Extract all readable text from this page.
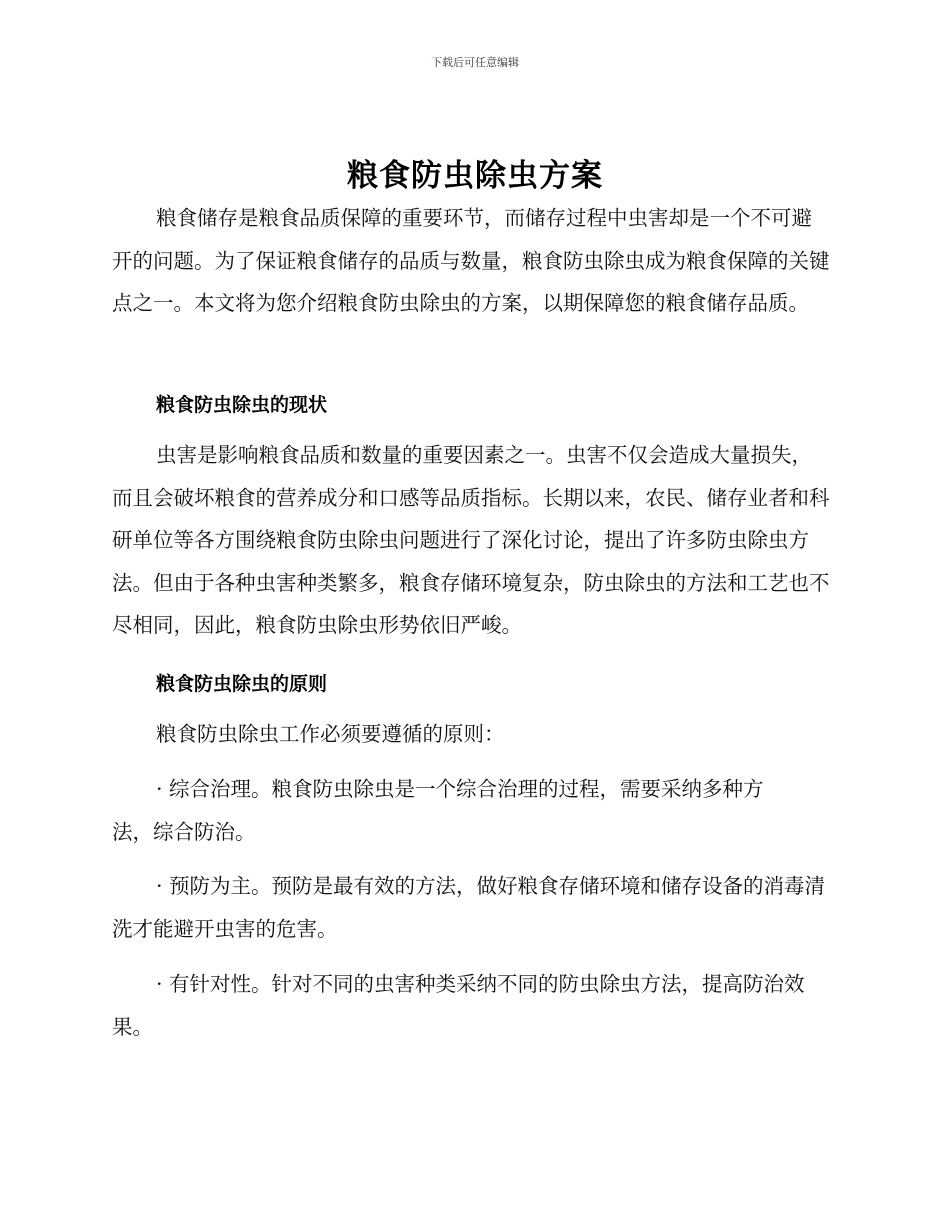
下载后可任意编辑
粮食防虫除虫方案

粮食储存是粮食品质保障的重要环节，而储存过程中虫害却是一个不可避开的问题。为了保证粮食储存的品质与数量，粮食防虫除虫成为粮食保障的关键点之一。本文将为您介绍粮食防虫除虫的方案，以期保障您的粮食储存品质。

粮食防虫除虫的现状

虫害是影响粮食品质和数量的重要因素之一。虫害不仅会造成大量损失，而且会破坏粮食的营养成分和口感等品质指标。长期以来，农民、储存业者和科研单位等各方围绕粮食防虫除虫问题进行了深化讨论，提出了许多防虫除虫方法。但由于各种虫害种类繁多，粮食存储环境复杂，防虫除虫的方法和工艺也不尽相同，因此，粮食防虫除虫形势依旧严峻。

粮食防虫除虫的原则

粮食防虫除虫工作必须要遵循的原则：

· 综合治理。粮食防虫除虫是一个综合治理的过程，需要采纳多种方法，综合防治。

· 预防为主。预防是最有效的方法，做好粮食存储环境和储存设备的消毒清洗才能避开虫害的危害。

· 有针对性。针对不同的虫害种类采纳不同的防虫除虫方法，提高防治效果。
